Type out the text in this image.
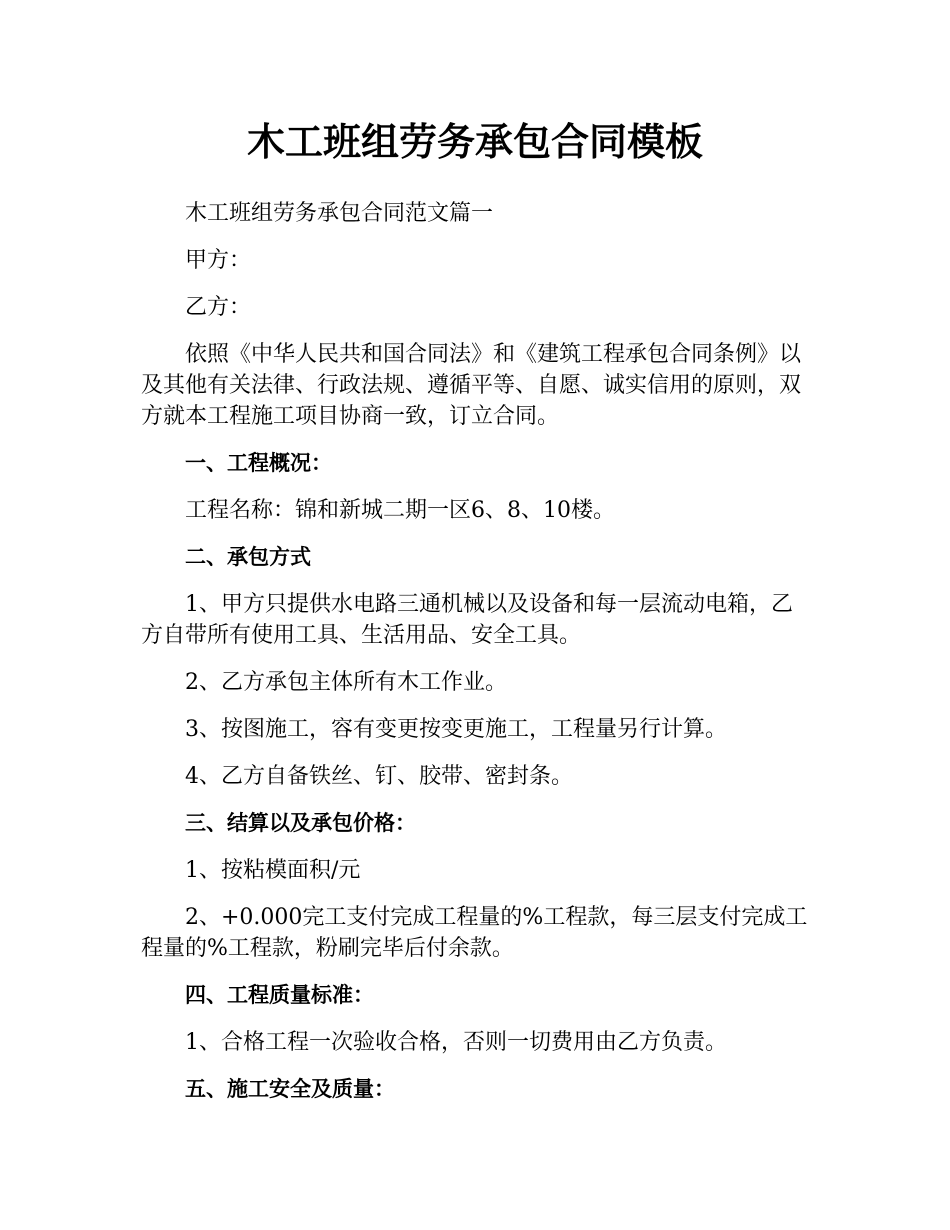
木工班组劳务承包合同模板

木工班组劳务承包合同范文篇一

甲方：

乙方：

依照《中华人民共和国合同法》和《建筑工程承包合同条例》以及其他有关法律、行政法规、遵循平等、自愿、诚实信用的原则，双方就本工程施工项目协商一致，订立合同。

一、工程概况：

工程名称：锦和新城二期一区6、8、10楼。

二、承包方式

1、甲方只提供水电路三通机械以及设备和每一层流动电箱，乙方自带所有使用工具、生活用品、安全工具。

2、乙方承包主体所有木工作业。

3、按图施工，容有变更按变更施工，工程量另行计算。

4、乙方自备铁丝、钉、胶带、密封条。

三、结算以及承包价格：

1、按粘模面积/元

2、+0.000完工支付完成工程量的%工程款，每三层支付完成工程量的%工程款，粉刷完毕后付余款。

四、工程质量标准：

1、合格工程一次验收合格，否则一切费用由乙方负责。

五、施工安全及质量：
